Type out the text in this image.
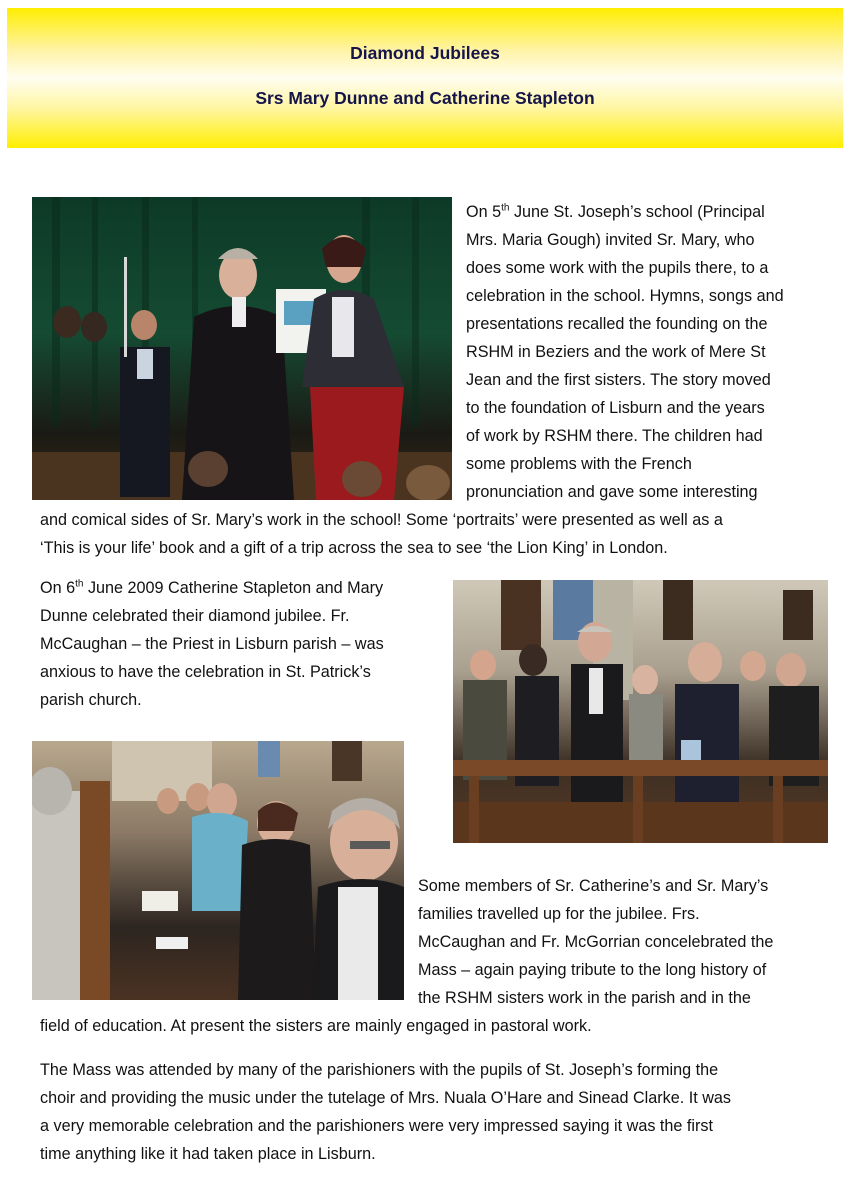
Diamond Jubilees
Srs Mary Dunne and Catherine Stapleton
On 5th June St. Joseph’s school (Principal
Mrs. Maria Gough) invited Sr. Mary, who
does some work with the pupils there, to a
celebration in the school. Hymns, songs and
presentations recalled the founding on the
RSHM in Beziers and the work of Mere St
Jean and the first sisters. The story moved
to the foundation of Lisburn and the years
of work by RSHM there. The children had
some problems with the French
pronunciation and gave some interesting
and comical sides of Sr. Mary’s work in the school! Some ‘portraits’ were presented as well as a
‘This is your life’ book and a gift of a trip across the sea to see ‘the Lion King’ in London.
On 6th June 2009 Catherine Stapleton and Mary
Dunne celebrated their diamond jubilee. Fr.
McCaughan – the Priest in Lisburn parish – was
anxious to have the celebration in St. Patrick’s
parish church.
Some members of Sr. Catherine’s and Sr. Mary’s
families travelled up for the jubilee. Frs.
McCaughan and Fr. McGorrian concelebrated the
Mass – again paying tribute to the long history of
the RSHM sisters work in the parish and in the
field of education. At present the sisters are mainly engaged in pastoral work.
The Mass was attended by many of the parishioners with the pupils of St. Joseph’s forming the
choir and providing the music under the tutelage of Mrs. Nuala O’Hare and Sinead Clarke. It was
a very memorable celebration and the parishioners were very impressed saying it was the first
time anything like it had taken place in Lisburn.
